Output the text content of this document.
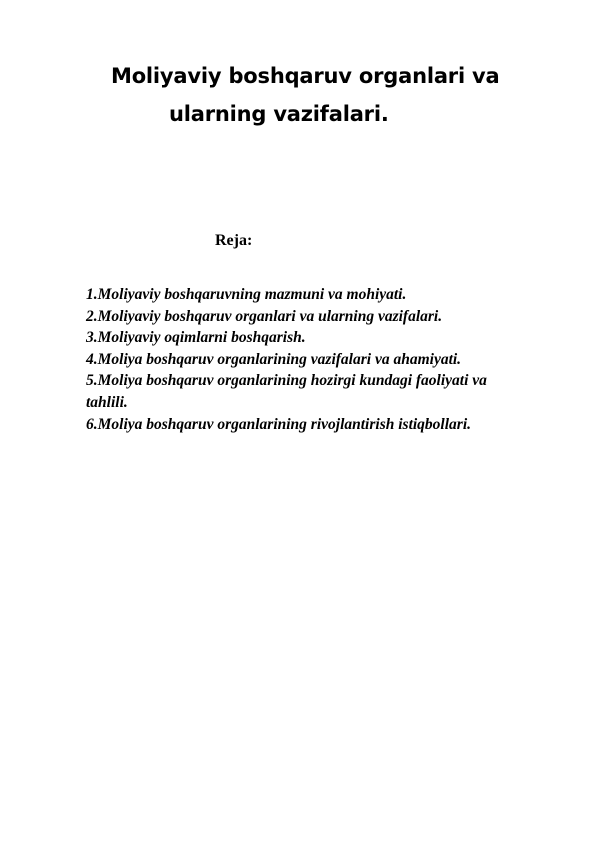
Moliyaviy boshqaruv organlari va
ularning vazifalari.
Reja:
1.Moliyaviy boshqaruvning mazmuni va mohiyati.
2.Moliyaviy boshqaruv organlari va ularning vazifalari.
3.Moliyaviy oqimlarni boshqarish.
4.Moliya boshqaruv organlarining vazifalari va ahamiyati.
5.Moliya boshqaruv organlarining hozirgi kundagi faoliyati va
tahlili.
6.Moliya boshqaruv organlarining rivojlantirish istiqbollari.
